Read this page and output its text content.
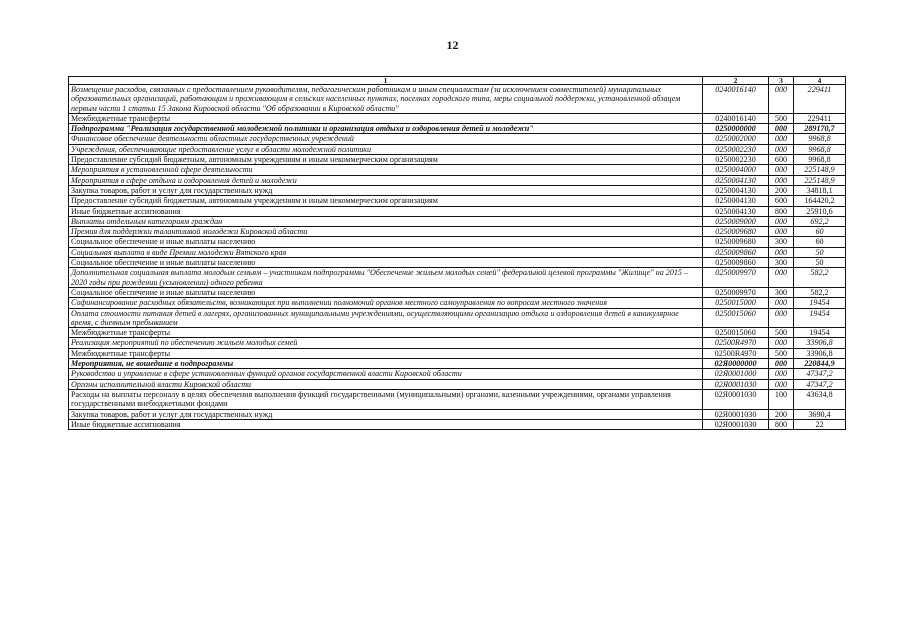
12
1	2	3	4
Возмещение расходов, связанных с предоставлением руководителям, педагогическим работникам и иным специалистам (за исключением совместителей) муниципальных образовательных организаций, работающим и проживающим в сельских населенных пунктах, поселках городского типа, меры социальной поддержки, установленной абзацем первым части 1 статьи 15 Закона Кировской области "Об образовании в Кировской области"	0240016140	000	229411
Межбюджетные трансферты	0240016140	500	229411
Подпрограмма "Реализация государственной молодежной политики и организация отдыха и оздоровления детей и молодежи"	0250000000	000	289170,7
Финансовое обеспечение деятельности областных государственных учреждений	0250002000	000	9968,8
Учреждения, обеспечивающие предоставление услуг в области молодежной политики	0250002230	000	9968,8
Предоставление субсидий бюджетным, автономным учреждениям и иным некоммерческим организациям	0250002230	600	9968,8
Мероприятия в установленной сфере деятельности	0250004000	000	225148,9
Мероприятия в сфере отдыха и оздоровления детей и молодежи	0250004130	000	225148,9
Закупка товаров, работ и услуг для государственных нужд	0250004130	200	34818,1
Предоставление субсидий бюджетным, автономным учреждениям и иным некоммерческим организациям	0250004130	600	164420,2
Иные бюджетные ассигнования	0250004130	800	25910,6
Выплаты отдельным категориям граждан	0250009000	000	692,2
Премия для поддержки талантливой молодежи Кировской области	0250009680	000	60
Социальное обеспечение и иные выплаты населению	0250009680	300	60
Социальная выплата в виде Премии молодежи Вятского края	0250009860	000	50
Социальное обеспечение и иные выплаты населению	0250009860	300	50
Дополнительная социальная выплата молодым семьям – участникам подпрограммы "Обеспечение жильем молодых семей" федеральной целевой программы "Жилище" на 2015 – 2020 годы при рождении (усыновлении) одного ребенка	0250009970	000	582,2
Социальное обеспечение и иные выплаты населению	0250009970	300	582,2
Софинансирование расходных обязательств, возникающих при выполнении полномочий органов местного самоуправления по вопросам местного значения	0250015000	000	19454
Оплата стоимости питания детей в лагерях, организованных муниципальными учреждениями, осуществляющими организацию отдыха и оздоровления детей в каникулярное время, с дневным пребыванием	0250015060	000	19454
Межбюджетные трансферты	0250015060	500	19454
Реализация мероприятий по обеспечению жильем молодых семей	02500R4970	000	33906,8
Межбюджетные трансферты	02500R4970	500	33906,8
Мероприятия, не вошедшие в подпрограммы	02Я0000000	000	220844,9
Руководство и управление в сфере установленных функций органов государственной власти Кировской области	02Я0001000	000	47347,2
Органы исполнительной власти Кировской области	02Я0001030	000	47347,2
Расходы на выплаты персоналу в целях обеспечения выполнения функций государственными (муниципальными) органами, казенными учреждениями, органами управления государственными внебюджетными фондами	02Я0001030	100	43634,8
Закупка товаров, работ и услуг для государственных нужд	02Я0001030	200	3690,4
Иные бюджетные ассигнования	02Я0001030	800	22
